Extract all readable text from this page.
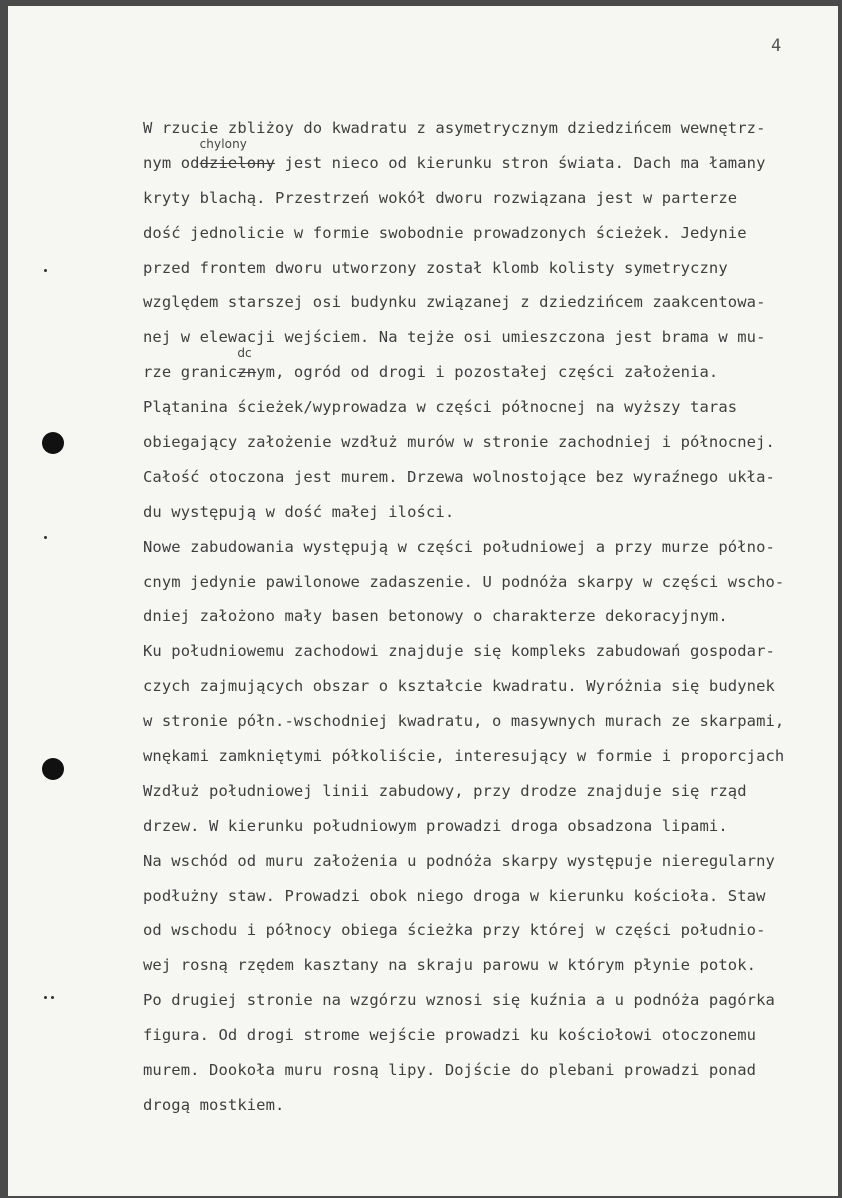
4
W rzucie zbliżoy do kwadratu z asymetrycznym dziedzińcem wewnętrz-
nym od
chylony
dzielony jest nieco od kierunku stron świata. Dach ma łamany
kryty blachą. Przestrzeń wokół dworu rozwiązana jest w parterze
dość jednolicie w formie swobodnie prowadzonych ścieżek. Jedynie
przed frontem dworu utworzony został klomb kolisty symetryczny
względem starszej osi budynku związanej z dziedzińcem zaakcentowa-
nej w elewacji wejściem. Na tejże osi umieszczona jest brama w mu-
rze granic
dc
znym, ogród od drogi i pozostałej części założenia.
Plątanina ścieżek/wyprowadza w części północnej na wyższy taras
obiegający założenie wzdłuż murów w stronie zachodniej i północnej.
Całość otoczona jest murem. Drzewa wolnostojące bez wyraźnego ukła-
du występują w dość małej ilości.
Nowe zabudowania występują w części południowej a przy murze półno-
cnym jedynie pawilonowe zadaszenie. U podnóża skarpy w części wscho-
dniej założono mały basen betonowy o charakterze dekoracyjnym.
Ku południowemu zachodowi znajduje się kompleks zabudowań gospodar-
czych zajmujących obszar o kształcie kwadratu. Wyróżnia się budynek
w stronie półn.-wschodniej kwadratu, o masywnych murach ze skarpami,
wnękami zamkniętymi półkoliście, interesujący w formie i proporcjach
Wzdłuż południowej linii zabudowy, przy drodze znajduje się rząd
drzew. W kierunku południowym prowadzi droga obsadzona lipami.
Na wschód od muru założenia u podnóża skarpy występuje nieregularny
podłużny staw. Prowadzi obok niego droga w kierunku kościoła. Staw
od wschodu i północy obiega ścieżka przy której w części południo-
wej rosną rzędem kasztany na skraju parowu w którym płynie potok.
Po drugiej stronie na wzgórzu wznosi się kuźnia a u podnóża pagórka
figura. Od drogi strome wejście prowadzi ku kościołowi otoczonemu
murem. Dookoła muru rosną lipy. Dojście do plebani prowadzi ponad
drogą mostkiem.
